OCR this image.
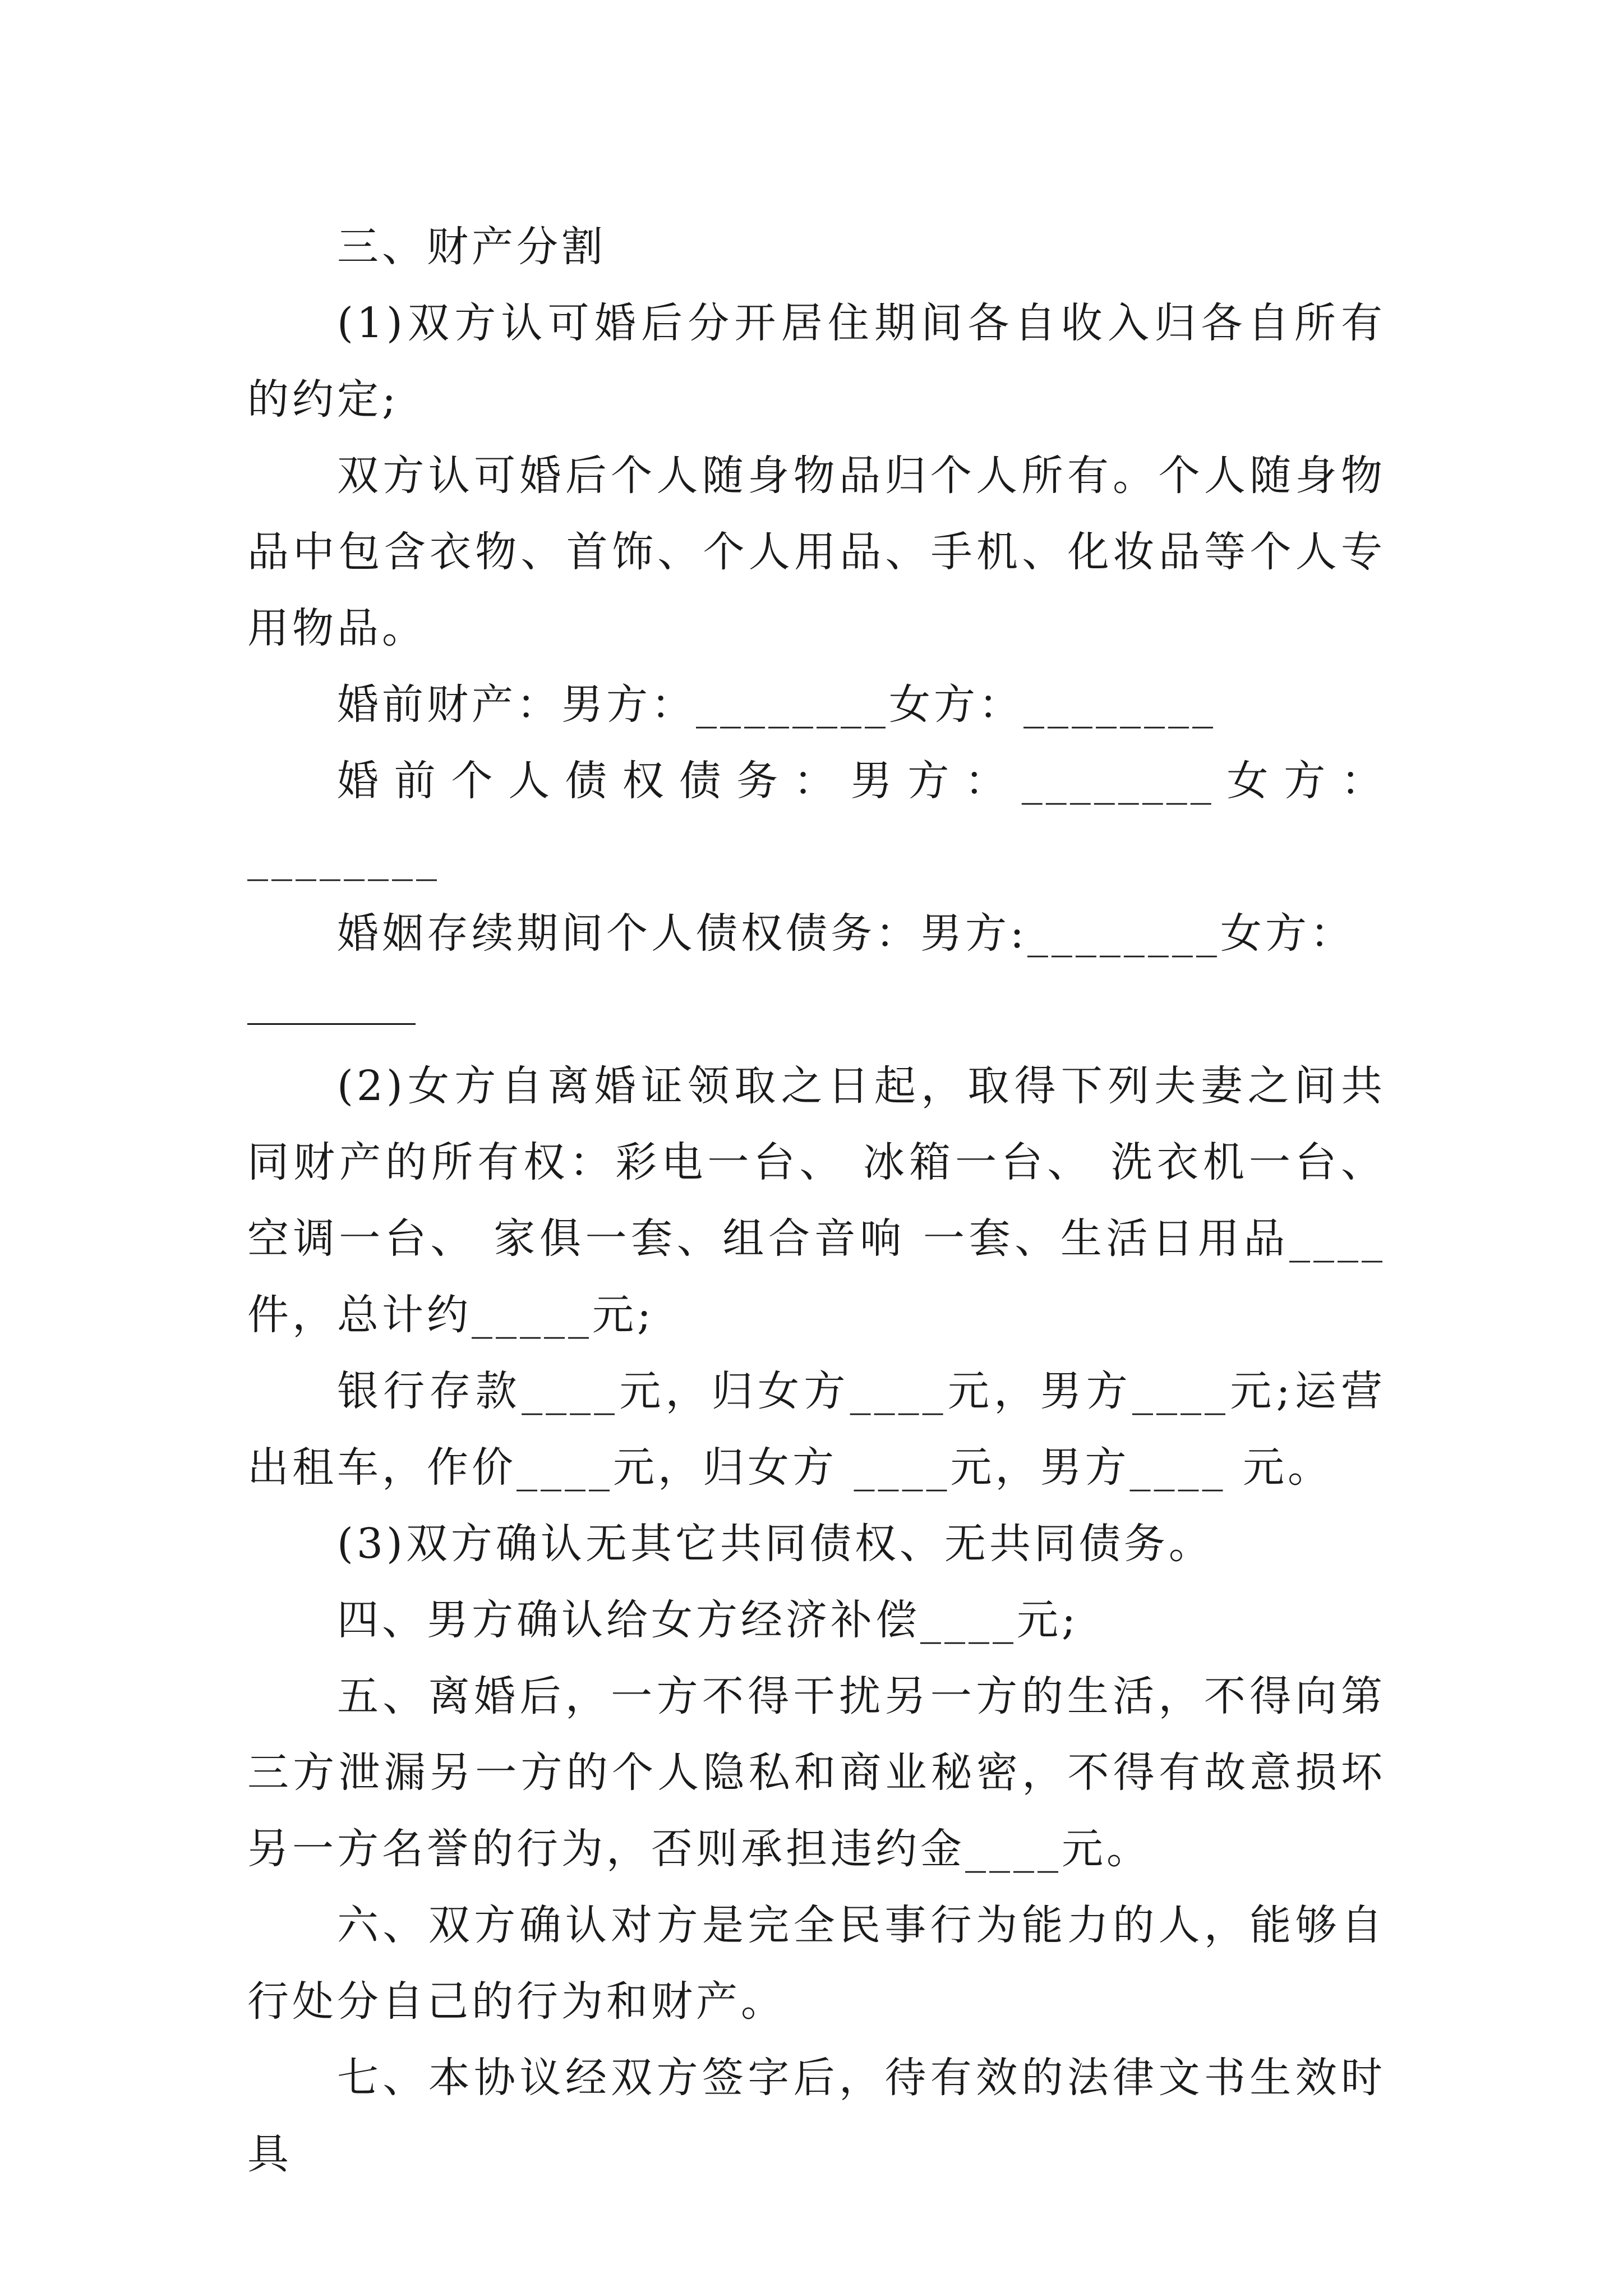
三、财产分割

(1)双方认可婚后分开居住期间各自收入归各自所有的约定;

双方认可婚后个人随身物品归个人所有。个人随身物品中包含衣物、首饰、个人用品、手机、化妆品等个人专用物品。

婚前财产：男方：________女方：________

婚前个人债权债务：男方：________女方：________

婚姻存续期间个人债权债务：男方:________女方：

(2)女方自离婚证领取之日起，取得下列夫妻之间共同财产的所有权：彩电一台、 冰箱一台、 洗衣机一台、 空调一台、 家俱一套、组合音响 一套、生活日用品____件，总计约_____元;

银行存款____元，归女方____元，男方____元;运营出租车，作价____元，归女方 ____元，男方____ 元。

(3)双方确认无其它共同债权、无共同债务。

四、男方确认给女方经济补偿____元;

五、离婚后，一方不得干扰另一方的生活，不得向第三方泄漏另一方的个人隐私和商业秘密，不得有故意损坏另一方名誉的行为，否则承担违约金____元。

六、双方确认对方是完全民事行为能力的人，能够自行处分自己的行为和财产。

七、本协议经双方签字后，待有效的法律文书生效时具
